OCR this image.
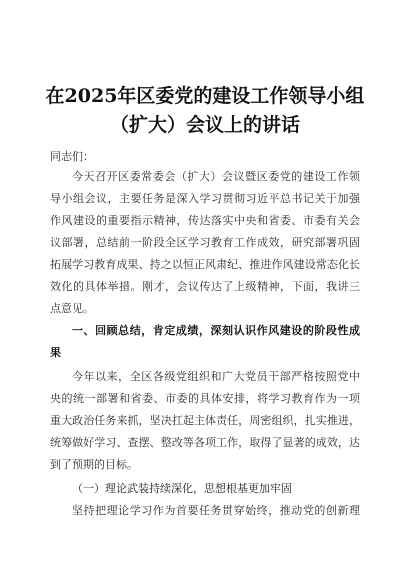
在2025年区委党的建设工作领导小组
（扩大）会议上的讲话
同志们：
今天召开区委常委会（扩大）会议暨区委党的建设工作领
导小组会议，主要任务是深入学习贯彻习近平总书记关于加强
作风建设的重要指示精神，传达落实中央和省委、市委有关会
议部署，总结前一阶段全区学习教育工作成效，研究部署巩固
拓展学习教育成果、持之以恒正风肃纪、推进作风建设常态化长
效化的具体举措。刚才，会议传达了上级精神，下面，我讲三
点意见。
一、回顾总结，肯定成绩，深刻认识作风建设的阶段性成
果
今年以来，全区各级党组织和广大党员干部严格按照党中
央的统一部署和省委、市委的具体安排，将学习教育作为一项
重大政治任务来抓，坚决扛起主体责任，周密组织，扎实推进，
统筹做好学习、查摆、整改等各项工作，取得了显著的成效，达
到了预期的目标。
（一）理论武装持续深化，思想根基更加牢固
坚持把理论学习作为首要任务贯穿始终，推动党的创新理
